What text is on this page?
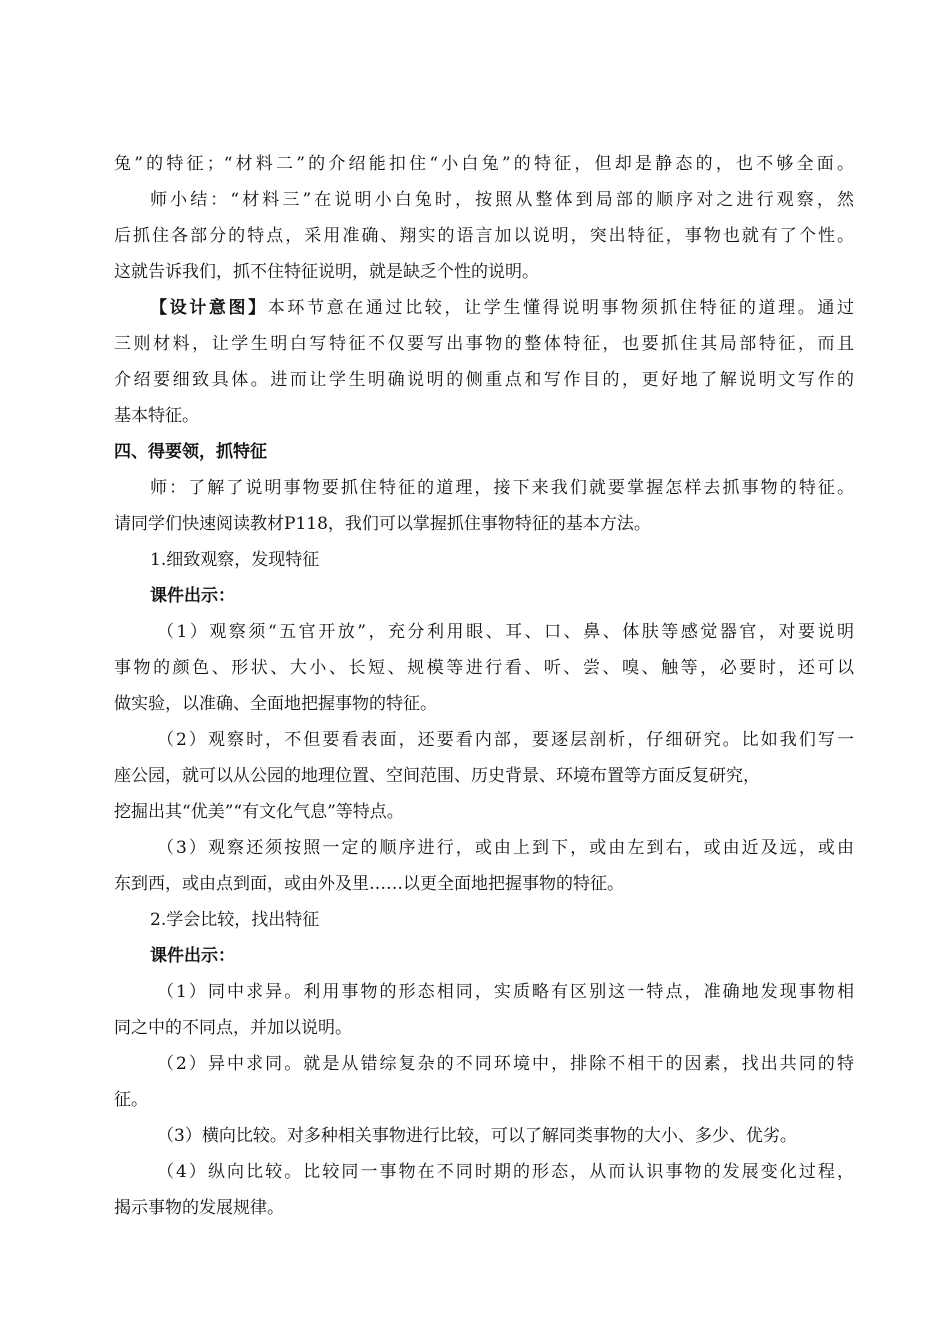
兔”的特征；“材料二”的介绍能扣住“小白兔”的特征，但却是静态的，也不够全面。
师小结：“材料三”在说明小白兔时，按照从整体到局部的顺序对之进行观察，然
后抓住各部分的特点，采用准确、翔实的语言加以说明，突出特征，事物也就有了个性。
这就告诉我们，抓不住特征说明，就是缺乏个性的说明。
【设计意图】本环节意在通过比较，让学生懂得说明事物须抓住特征的道理。通过
三则材料，让学生明白写特征不仅要写出事物的整体特征，也要抓住其局部特征，而且
介绍要细致具体。进而让学生明确说明的侧重点和写作目的，更好地了解说明文写作的
基本特征。
四、得要领，抓特征
师：了解了说明事物要抓住特征的道理，接下来我们就要掌握怎样去抓事物的特征。
请同学们快速阅读教材P118，我们可以掌握抓住事物特征的基本方法。
1.细致观察，发现特征
课件出示：
（1）观察须“五官开放”，充分利用眼、耳、口、鼻、体肤等感觉器官，对要说明
事物的颜色、形状、大小、长短、规模等进行看、听、尝、嗅、触等，必要时，还可以
做实验，以准确、全面地把握事物的特征。
（2）观察时，不但要看表面，还要看内部，要逐层剖析，仔细研究。比如我们写一
座公园，就可以从公园的地理位置、空间范围、历史背景、环境布置等方面反复研究，
挖掘出其“优美”“有文化气息”等特点。
（3）观察还须按照一定的顺序进行，或由上到下，或由左到右，或由近及远，或由
东到西，或由点到面，或由外及里……以更全面地把握事物的特征。
2.学会比较，找出特征
课件出示：
（1）同中求异。利用事物的形态相同，实质略有区别这一特点，准确地发现事物相
同之中的不同点，并加以说明。
（2）异中求同。就是从错综复杂的不同环境中，排除不相干的因素，找出共同的特
征。
（3）横向比较。对多种相关事物进行比较，可以了解同类事物的大小、多少、优劣。
（4）纵向比较。比较同一事物在不同时期的形态，从而认识事物的发展变化过程，
揭示事物的发展规律。
